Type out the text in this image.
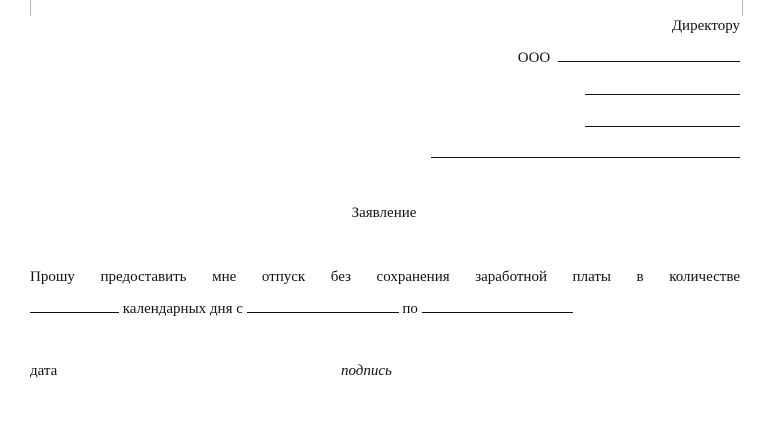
Директору
ООО
Заявление
Прошу предоставить мне отпуск без сохранения заработной платы в количестве
календарных дня с	по
дата	подпись
